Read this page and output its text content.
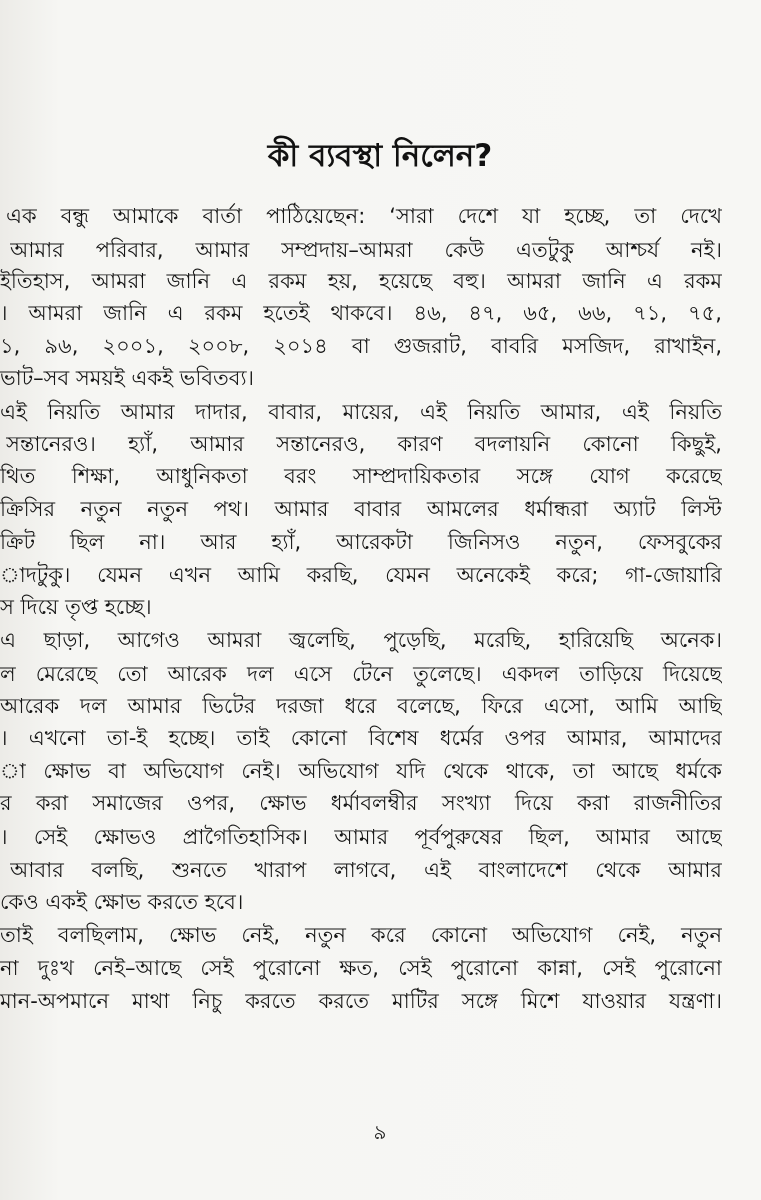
কী ব্যবস্থা নিলেন?
এক বন্ধু আমাকে বার্তা পাঠিয়েছেন: ‘সারা দেশে যা হচ্ছে, তা দেখে
আমার পরিবার, আমার সম্প্রদায়–আমরা কেউ এতটুকু আশ্চর্য নই।
ইতিহাস, আমরা জানি এ রকম হয়, হয়েছে বহু। আমরা জানি এ রকম
। আমরা জানি এ রকম হতেই থাকবে। ৪৬, ৪৭, ৬৫, ৬৬, ৭১, ৭৫,
১, ৯৬, ২০০১, ২০০৮, ২০১৪ বা গুজরাট, বাবরি মসজিদ, রাখাইন,
ভাট–সব সময়ই একই ভবিতব্য।
এই নিয়তি আমার দাদার, বাবার, মায়ের, এই নিয়তি আমার, এই নিয়তি
সন্তানেরও। হ্যাঁ, আমার সন্তানেরও, কারণ বদলায়নি কোনো কিছুই,
থিত শিক্ষা, আধুনিকতা বরং সাম্প্রদায়িকতার সঙ্গে যোগ করেছে
ক্রিসির নতুন নতুন পথ। আমার বাবার আমলের ধর্মান্ধরা অ্যাট লিস্ট
ক্রিট ছিল না। আর হ্যাঁ, আরেকটা জিনিসও নতুন, ফেসবুকের
াদটুকু। যেমন এখন আমি করছি, যেমন অনেকেই করে; গা-জোয়ারি
স দিয়ে তৃপ্ত হচ্ছে।
এ ছাড়া, আগেও আমরা জ্বলেছি, পুড়েছি, মরেছি, হারিয়েছি অনেক।
ল মেরেছে তো আরেক দল এসে টেনে তুলেছে। একদল তাড়িয়ে দিয়েছে
আরেক দল আমার ভিটের দরজা ধরে বলেছে, ফিরে এসো, আমি আছি
। এখনো তা-ই হচ্ছে। তাই কোনো বিশেষ ধর্মের ওপর আমার, আমাদের
া ক্ষোভ বা অভিযোগ নেই। অভিযোগ যদি থেকে থাকে, তা আছে ধর্মকে
র করা সমাজের ওপর, ক্ষোভ ধর্মাবলম্বীর সংখ্যা দিয়ে করা রাজনীতির
। সেই ক্ষোভও প্রাগৈতিহাসিক। আমার পূর্বপুরুষের ছিল, আমার আছে
আবার বলছি, শুনতে খারাপ লাগবে, এই বাংলাদেশে থেকে আমার
কেও একই ক্ষোভ করতে হবে।
তাই বলছিলাম, ক্ষোভ নেই, নতুন করে কোনো অভিযোগ নেই, নতুন
না দুঃখ নেই–আছে সেই পুরোনো ক্ষত, সেই পুরোনো কান্না, সেই পুরোনো
মান-অপমানে মাথা নিচু করতে করতে মাটির সঙ্গে মিশে যাওয়ার যন্ত্রণা।
৯
